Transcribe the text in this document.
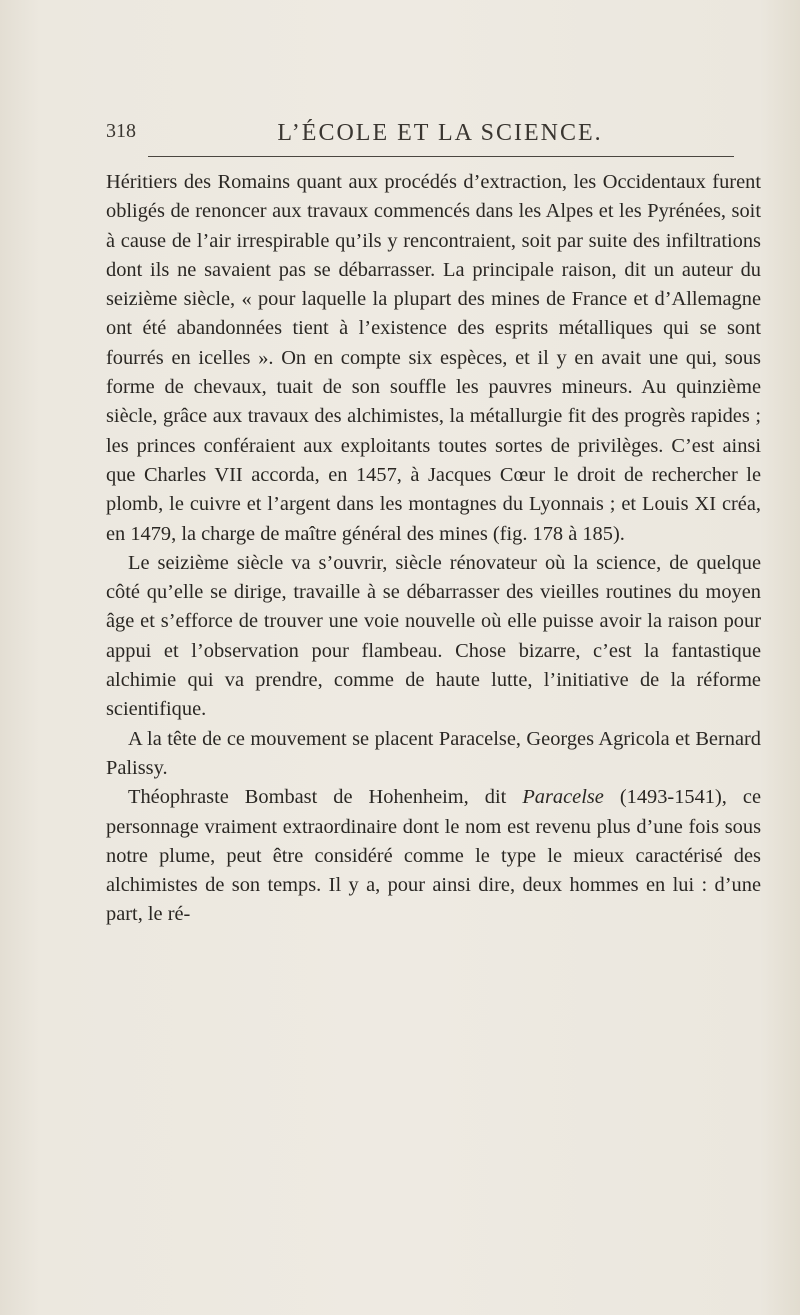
318	L’ÉCOLE ET LA SCIENCE.

Héritiers des Romains quant aux procédés d’extraction, les Occidentaux furent obligés de renoncer aux travaux commencés dans les Alpes et les Pyrénées, soit à cause de l’air irrespirable qu’ils y rencontraient, soit par suite des infiltrations dont ils ne savaient pas se débarrasser. La principale raison, dit un auteur du seizième siècle, « pour laquelle la plupart des mines de France et d’Allemagne ont été abandonnées tient à l’existence des esprits métalliques qui se sont fourrés en icelles ». On en compte six espèces, et il y en avait une qui, sous forme de chevaux, tuait de son souffle les pauvres mineurs. Au quinzième siècle, grâce aux travaux des alchimistes, la métallurgie fit des progrès rapides ; les princes conféraient aux exploitants toutes sortes de privilèges. C’est ainsi que Charles VII accorda, en 1457, à Jacques Cœur le droit de rechercher le plomb, le cuivre et l’argent dans les montagnes du Lyonnais ; et Louis XI créa, en 1479, la charge de maître général des mines (fig. 178 à 185).

Le seizième siècle va s’ouvrir, siècle rénovateur où la science, de quelque côté qu’elle se dirige, travaille à se débarrasser des vieilles routines du moyen âge et s’efforce de trouver une voie nouvelle où elle puisse avoir la raison pour appui et l’observation pour flambeau. Chose bizarre, c’est la fantastique alchimie qui va prendre, comme de haute lutte, l’initiative de la réforme scientifique.

A la tête de ce mouvement se placent Paracelse, Georges Agricola et Bernard Palissy.

Théophraste Bombast de Hohenheim, dit Paracelse (1493-1541), ce personnage vraiment extraordinaire dont le nom est revenu plus d’une fois sous notre plume, peut être considéré comme le type le mieux caractérisé des alchimistes de son temps. Il y a, pour ainsi dire, deux hommes en lui : d’une part, le ré-
